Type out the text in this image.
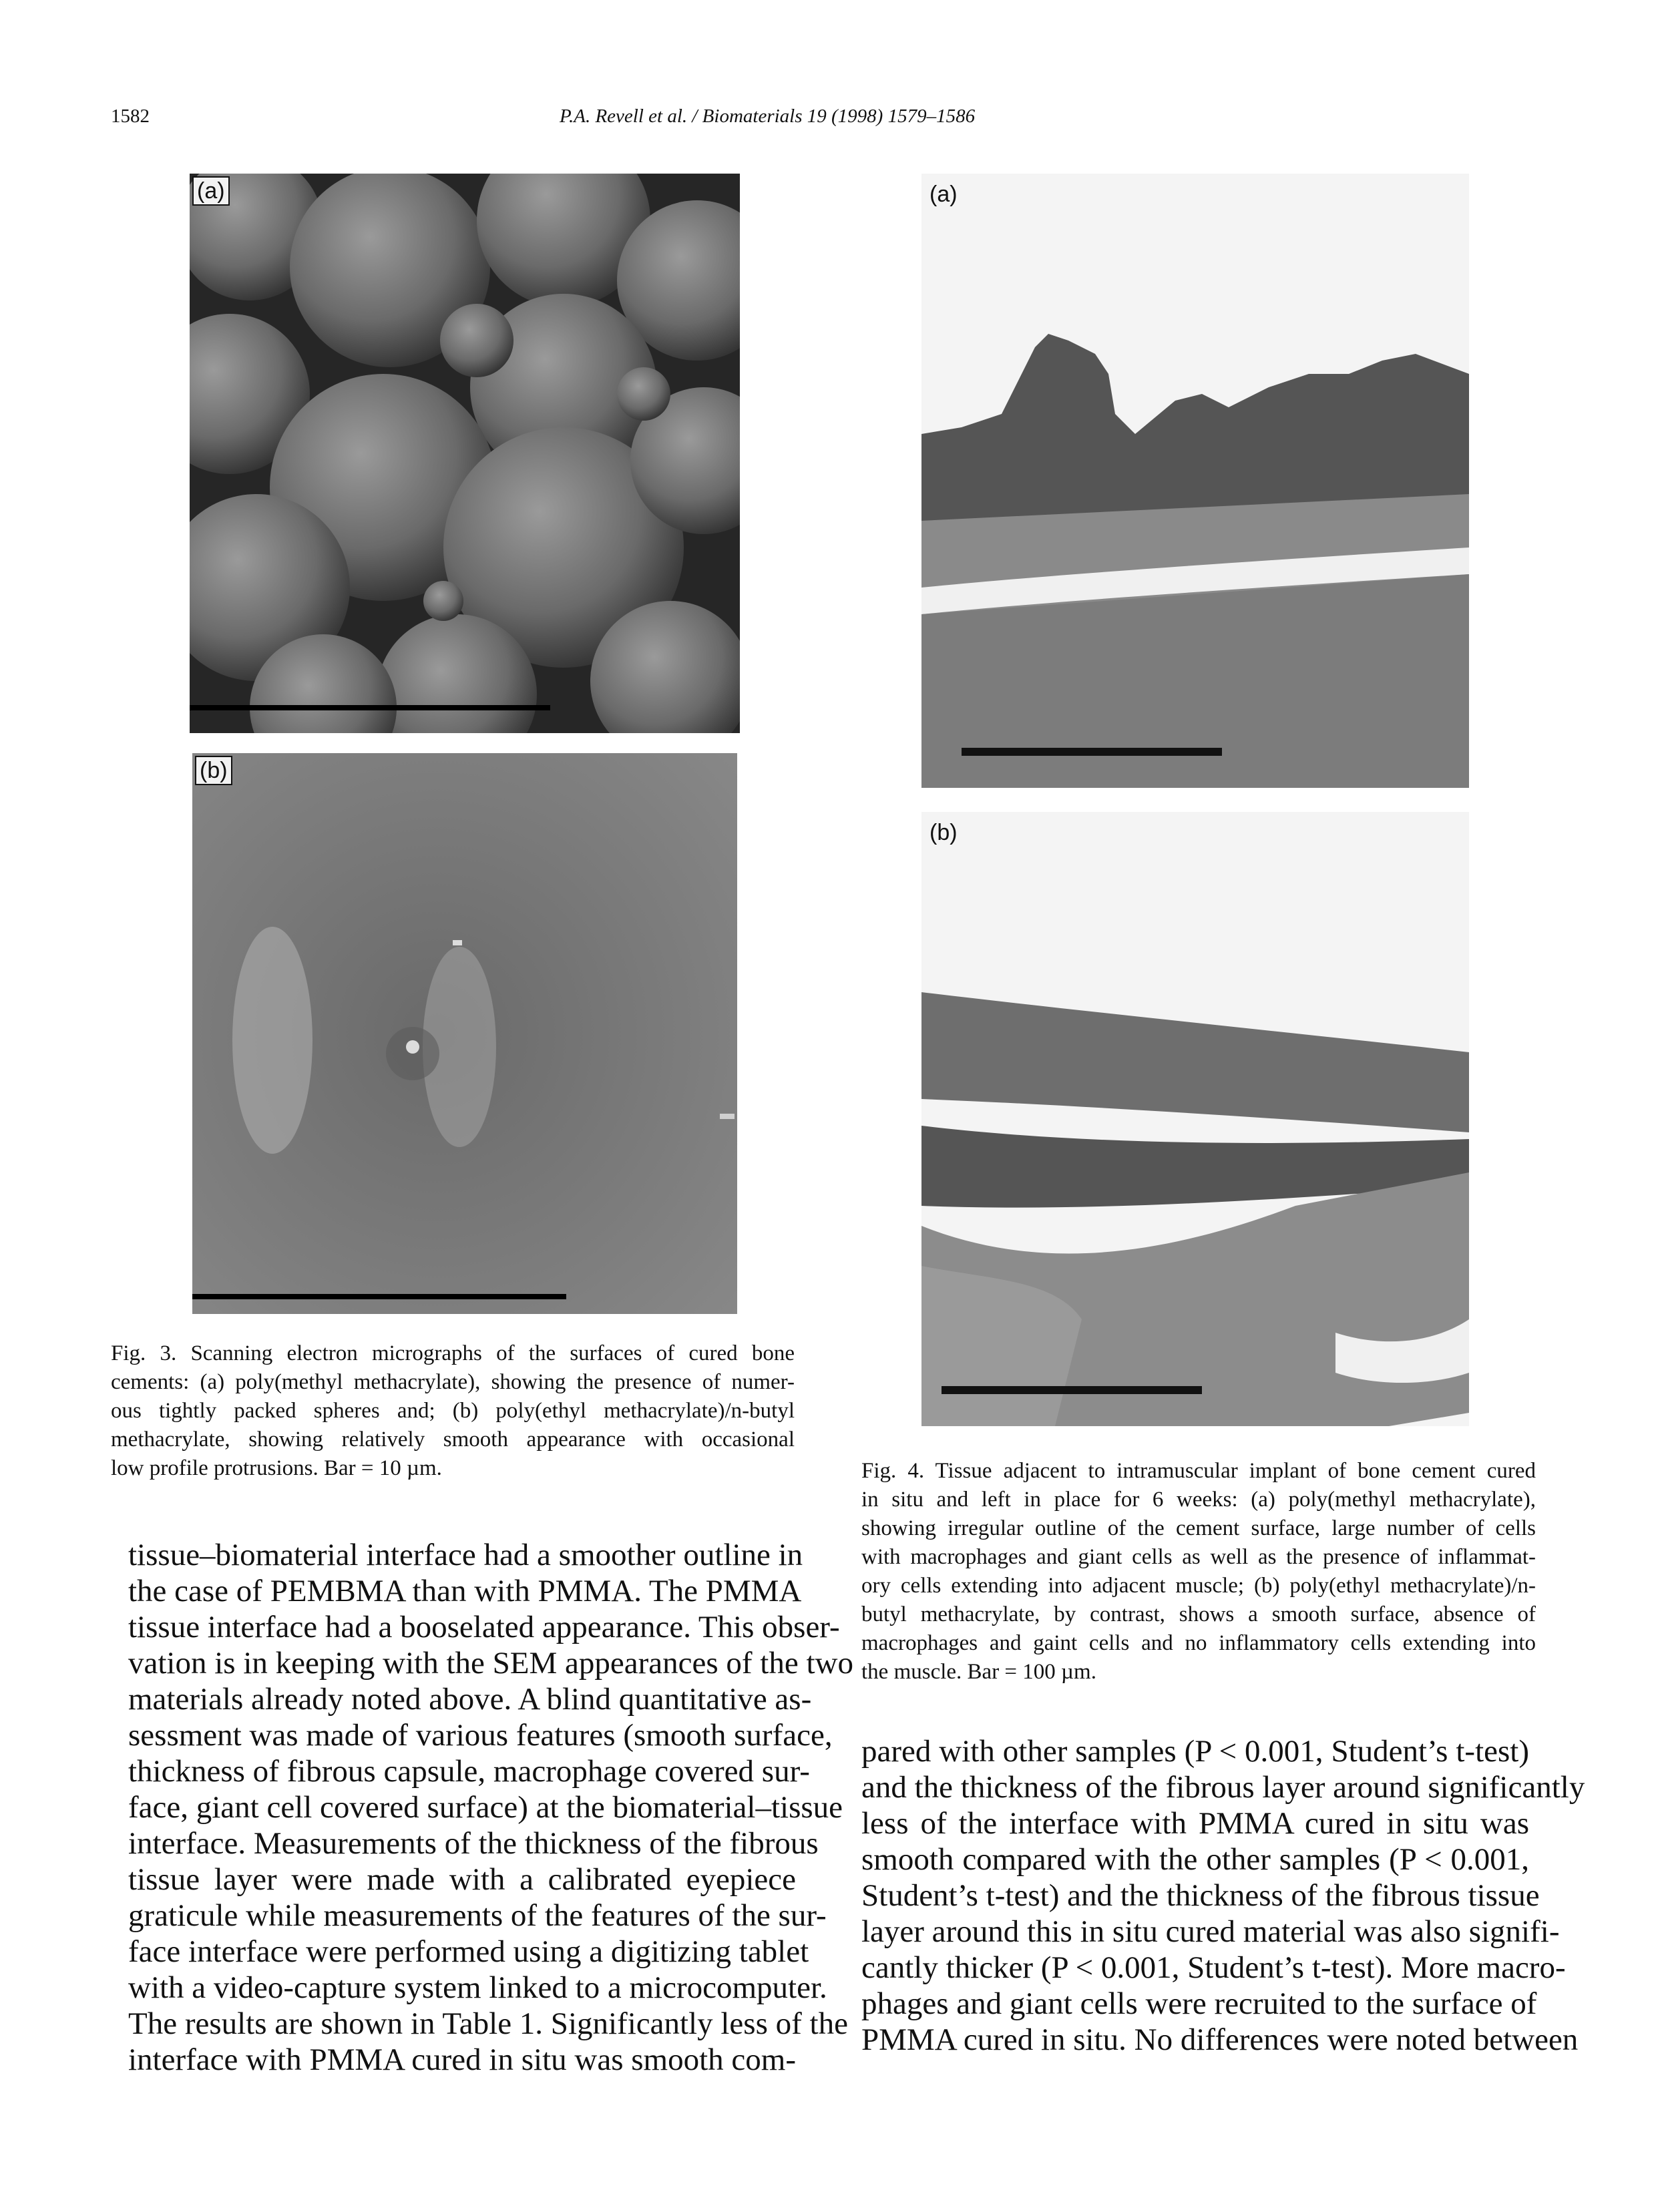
1582	P.A. Revell et al. / Biomaterials 19 (1998) 1579–1586
(a)
(b)
(a)
(b)
Fig. 3. Scanning electron micrographs of the surfaces of cured bone
cements: (a) poly(methyl methacrylate), showing the presence of numer-
ous tightly packed spheres and; (b) poly(ethyl methacrylate)/n-butyl
methacrylate, showing relatively smooth appearance with occasional
low profile protrusions. Bar = 10 µm.	Fig. 4. Tissue adjacent to intramuscular implant of bone cement cured
in situ and left in place for 6 weeks: (a) poly(methyl methacrylate),
showing irregular outline of the cement surface, large number of cells
with macrophages and giant cells as well as the presence of inflammat-
ory cells extending into adjacent muscle; (b) poly(ethyl methacrylate)/n-
butyl methacrylate, by contrast, shows a smooth surface, absence of
macrophages and gaint cells and no inflammatory cells extending into
the muscle. Bar = 100 µm.
tissue–biomaterial interface had a smoother outline in
the case of PEMBMA than with PMMA. The PMMA
tissue interface had a booselated appearance. This obser-
vation is in keeping with the SEM appearances of the two
materials already noted above. A blind quantitative as-
sessment was made of various features (smooth surface,
thickness of fibrous capsule, macrophage covered sur-
face, giant cell covered surface) at the biomaterial–tissue
interface. Measurements of the thickness of the fibrous
tissue layer were made with a calibrated eyepiece
graticule while measurements of the features of the sur-
face interface were performed using a digitizing tablet
with a video-capture system linked to a microcomputer.
The results are shown in Table 1. Significantly less of the
interface with PMMA cured in situ was smooth com-
pared with other samples (P < 0.001, Student’s t-test)
and the thickness of the fibrous layer around significantly
less of the interface with PMMA cured in situ was
smooth compared with the other samples (P < 0.001,
Student’s t-test) and the thickness of the fibrous tissue
layer around this in situ cured material was also signifi-
cantly thicker (P < 0.001, Student’s t-test). More macro-
phages and giant cells were recruited to the surface of
PMMA cured in situ. No differences were noted between
